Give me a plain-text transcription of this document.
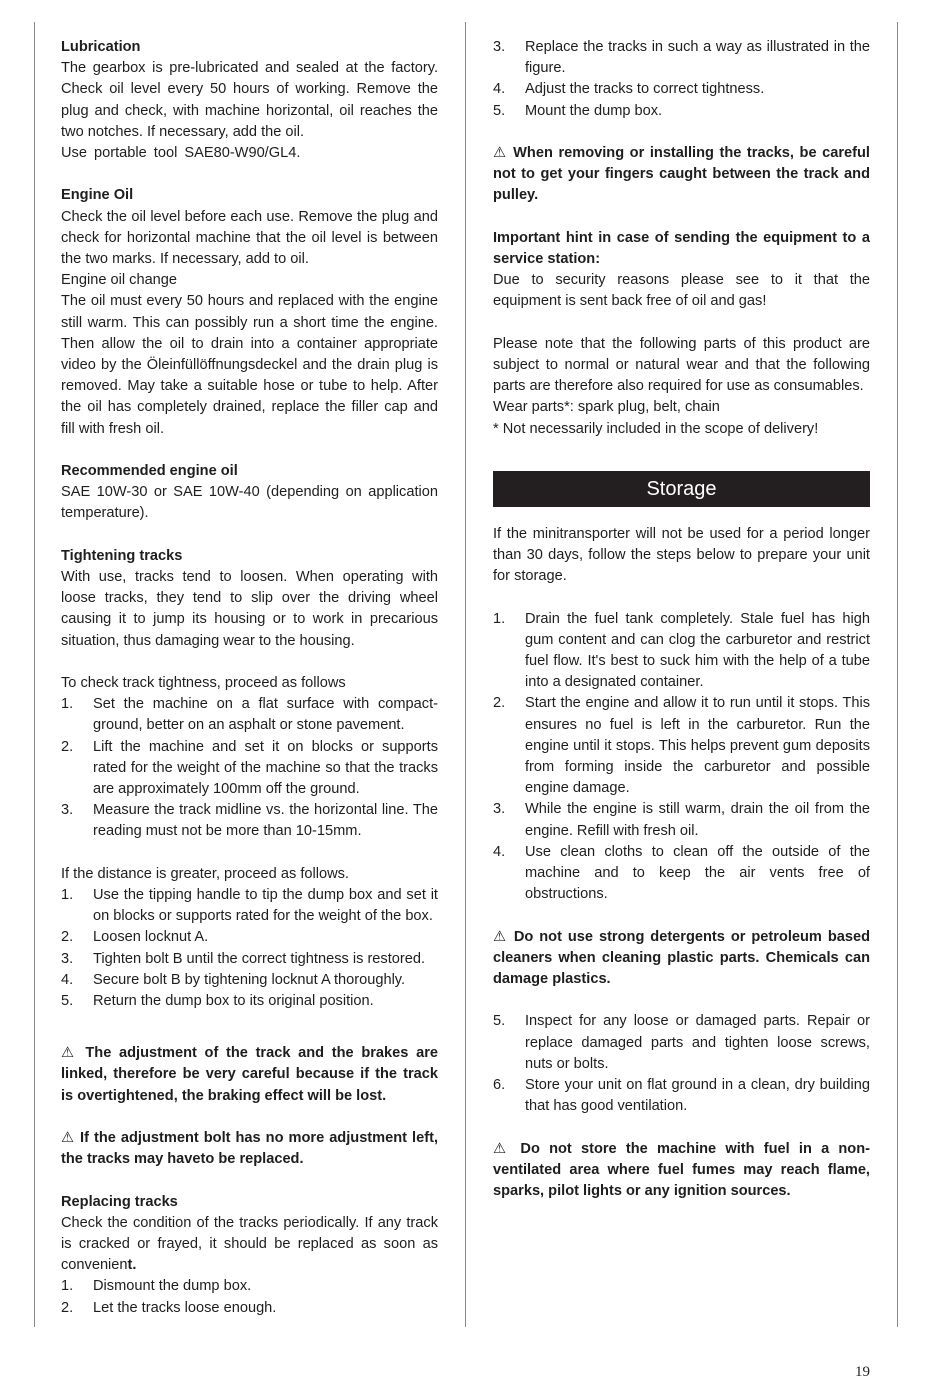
Lubrication

The gearbox is pre-lubricated and sealed at the factory. Check oil level every 50 hours of working. Remove the plug and check, with machine horizontal, oil reaches the two notches. If necessary, add the oil.

Use portable tool SAE80-W90/GL4.

Engine Oil

Check the oil level before each use. Remove the plug and check for horizontal machine that the oil level is between the two marks. If necessary, add to oil.

Engine oil change

The oil must every 50 hours and replaced with the engine still warm. This can possibly run a short time the engine. Then allow the oil to drain into a container appropriate video by the Öleinfüllöffnungsdeckel and the drain plug is removed. May take a suitable hose or tube to help. After the oil has completely drained, replace the filler cap and fill with fresh oil.

Recommended engine oil

SAE 10W-30 or SAE 10W-40 (depending on application temperature).

Tightening tracks

With use, tracks tend to loosen. When operating with loose tracks, they tend to slip over the driving wheel causing it to jump its housing or to work in precarious situation, thus damaging wear to the housing.

To check track tightness, proceed as follows

1. Set the machine on a flat surface with compact-ground, better on an asphalt or stone pavement.
2. Lift the machine and set it on blocks or supports rated for the weight of the machine so that the tracks are approximately 100mm off the ground.
3. Measure the track midline vs. the horizontal line. The reading must not be more than 10-15mm.

If the distance is greater, proceed as follows.

1. Use the tipping handle to tip the dump box and set it on blocks or supports rated for the weight of the box.
2. Loosen locknut A.
3. Tighten bolt B until the correct tightness is restored.
4. Secure bolt B by tightening locknut A thoroughly.
5. Return the dump box to its original position.

⚠ The adjustment of the track and the brakes are linked, therefore be very careful because if the track is overtightened, the braking effect will be lost.

⚠ If the adjustment bolt has no more adjustment left, the tracks may haveto be replaced.

Replacing tracks

Check the condition of the tracks periodically. If any track is cracked or frayed, it should be replaced as soon as convenient.

1. Dismount the dump box.
2. Let the tracks loose enough.
3. Replace the tracks in such a way as illustrated in the figure.
4. Adjust the tracks to correct tightness.
5. Mount the dump box.

⚠ When removing or installing the tracks, be careful not to get your fingers caught between the track and pulley.

Important hint in case of sending the equipment to a service station:

Due to security reasons please see to it that the equipment is sent back free of oil and gas!

Please note that the following parts of this product are subject to normal or natural wear and that the following parts are therefore also required for use as consumables.

Wear parts*: spark plug, belt, chain

* Not necessarily included in the scope of delivery!

Storage

If the minitransporter will not be used for a period longer than 30 days, follow the steps below to prepare your unit for storage.

1. Drain the fuel tank completely. Stale fuel has high gum content and can clog the carburetor and restrict fuel flow. It's best to suck him with the help of a tube into a designated container.
2. Start the engine and allow it to run until it stops. This ensures no fuel is left in the carburetor. Run the engine until it stops. This helps prevent gum deposits from forming inside the carburetor and possible engine damage.
3. While the engine is still warm, drain the oil from the engine. Refill with fresh oil.
4. Use clean cloths to clean off the outside of the machine and to keep the air vents free of obstructions.

⚠ Do not use strong detergents or petroleum based cleaners when cleaning plastic parts. Chemicals can damage plastics.

5. Inspect for any loose or damaged parts. Repair or replace damaged parts and tighten loose screws, nuts or bolts.
6. Store your unit on flat ground in a clean, dry building that has good ventilation.

⚠ Do not store the machine with fuel in a non-ventilated area where fuel fumes may reach flame, sparks, pilot lights or any ignition sources.

19
